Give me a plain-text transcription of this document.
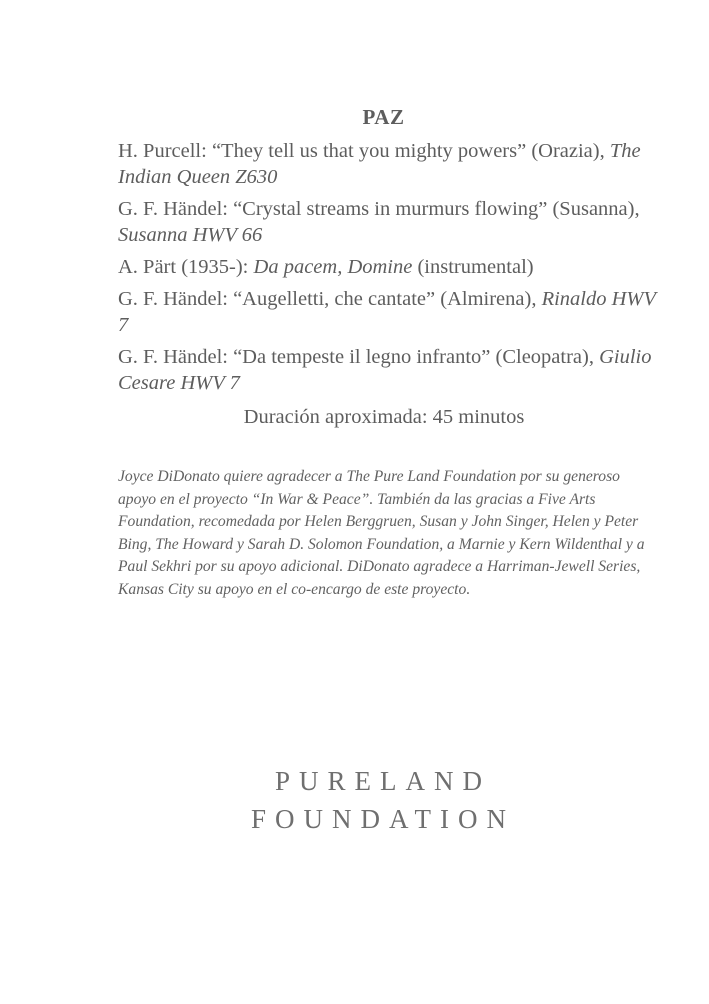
PAZ
H. Purcell: “They tell us that you mighty powers” (Orazia), The Indian Queen Z630
G. F. Händel: “Crystal streams in murmurs flowing” (Susanna), Susanna HWV 66
A. Pärt (1935-): Da pacem, Domine (instrumental)
G. F. Händel: “Augelletti, che cantate” (Almirena), Rinaldo HWV 7
G. F. Händel: “Da tempeste il legno infranto” (Cleopatra), Giulio Cesare HWV 7
Duración aproximada: 45 minutos
Joyce DiDonato quiere agradecer a The Pure Land Foundation por su generoso apoyo en el proyecto “In War & Peace”. También da las gracias a Five Arts Foundation, recomedada por Helen Berggruen, Susan y John Singer, Helen y Peter Bing, The Howard y Sarah D. Solomon Foundation, a Marnie y Kern Wildenthal y a Paul Sekhri por su apoyo adicional. DiDonato agradece a Harriman-Jewell Series, Kansas City su apoyo en el co-encargo de este proyecto.
PURELAND
FOUNDATION
